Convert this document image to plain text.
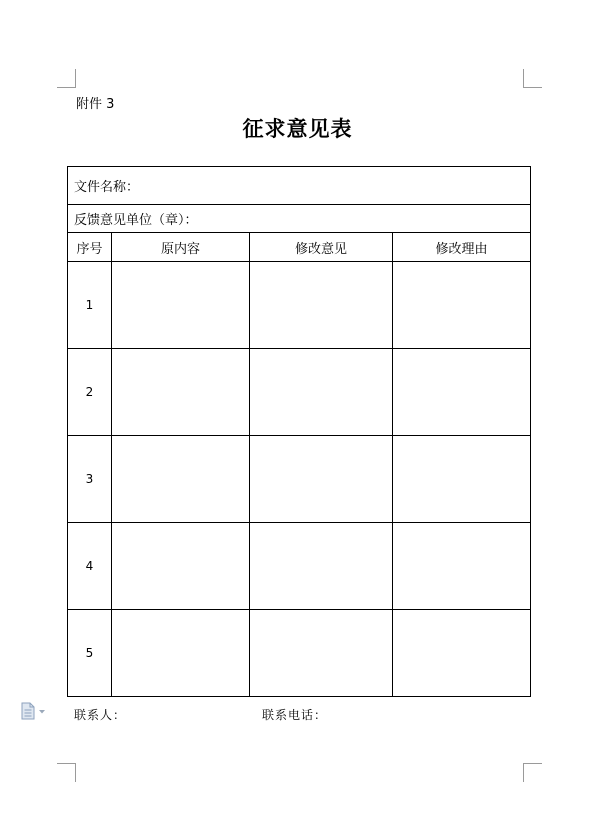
附件 3
征求意见表
文件名称：			
反馈意见单位（章）：			
序号	原内容	修改意见	修改理由
1			
2			
3			
4			
5			
联系人：	联系电话：
